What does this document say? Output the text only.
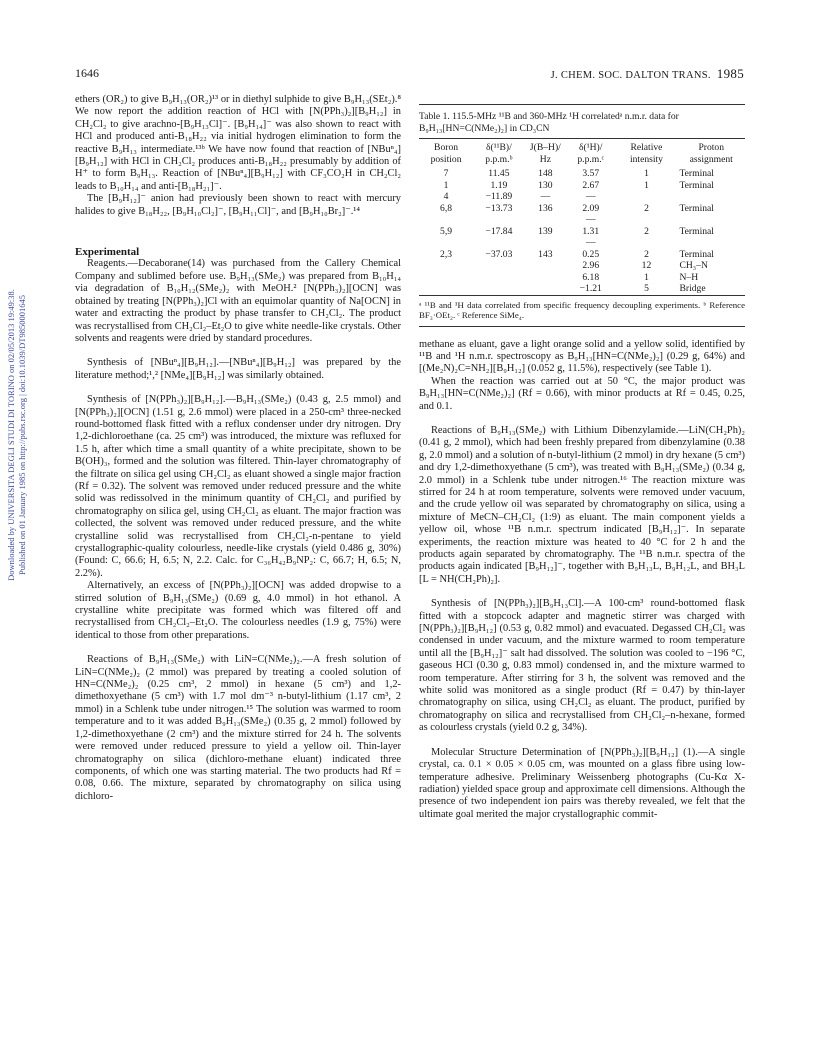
Downloaded by UNIVERSITA DEGLI STUDI DI TORINO on 02/05/2013 19:49:38. Published on 01 January 1985 on http://pubs.rsc.org | doi:10.1039/DT9850001645
1646	J. CHEM. SOC. DALTON TRANS. 1985

ethers (OR₂) to give B₉H₁₃(OR₂)¹³ or in diethyl sulphide to give B₉H₁₃(SEt₂).⁸ We now report the addition reaction of HCl with [N(PPh₃)₂][B₉H₁₂] in CH₂Cl₂ to give arachno-[B₉H₁₃Cl]⁻. [B₉H₁₄]⁻ was also shown to react with HCl and produced anti-B₁₈H₂₂ via initial hydrogen elimination to form the reactive B₉H₁₃ intermediate.¹³ᵇ We have now found that reaction of [NBuⁿ₄][B₉H₁₂] with HCl in CH₂Cl₂ produces anti-B₁₈H₂₂ presumably by addition of H⁺ to form B₉H₁₃. Reaction of [NBuⁿ₄][B₉H₁₂] with CF₃CO₂H in CH₂Cl₂ leads to B₁₀H₁₄ and anti-[B₁₈H₂₁]⁻.

The [B₉H₁₂]⁻ anion had previously been shown to react with mercury halides to give B₁₈H₂₂, [B₉H₁₀Cl₂]⁻, [B₉H₁₁Cl]⁻, and [B₉H₁₀Br₂]⁻.¹⁴

Experimental

Reagents.—Decaborane(14) was purchased from the Callery Chemical Company and sublimed before use. B₉H₁₃(SMe₂) was prepared from B₁₀H₁₄ via degradation of B₁₀H₁₂(SMe₂)₂ with MeOH.² [N(PPh₃)₂][OCN] was obtained by treating [N(PPh₃)₂]Cl with an equimolar quantity of Na[OCN] in water and extracting the product by phase transfer to CH₂Cl₂. The product was recrystallised from CH₂Cl₂–Et₂O to give white needle-like crystals. Other solvents and reagents were dried by standard procedures.

Synthesis of [NBuⁿ₄][B₉H₁₂].—[NBuⁿ₄][B₉H₁₂] was prepared by the literature method;¹,² [NMe₄][B₉H₁₂] was similarly obtained.

Synthesis of [N(PPh₃)₂][B₉H₁₂].—B₉H₁₃(SMe₂) (0.43 g, 2.5 mmol) and [N(PPh₃)₂][OCN] (1.51 g, 2.6 mmol) were placed in a 250-cm³ three-necked round-bottomed flask fitted with a reflux condenser under dry nitrogen. Dry 1,2-dichloroethane (ca. 25 cm³) was introduced, the mixture was refluxed for 1.5 h, after which time a small quantity of a white precipitate, shown to be B(OH)₃, formed and the solution was filtered. Thin-layer chromatography of the filtrate on silica gel using CH₂Cl₂ as eluant showed a single major fraction (Rf = 0.32). The solvent was removed under reduced pressure and the white solid was redissolved in the minimum quantity of CH₂Cl₂ and purified by chromatography on silica gel, using CH₂Cl₂ as eluant. The major fraction was collected, the solvent was removed under reduced pressure, and the white crystalline solid was recrystallised from CH₂Cl₂-n-pentane to yield crystallographic-quality colourless, needle-like crystals (yield 0.486 g, 30%) (Found: C, 66.6; H, 6.5; N, 2.2. Calc. for C₃₆H₄₂B₉NP₂: C, 66.7; H, 6.5; N, 2.2%).

Alternatively, an excess of [N(PPh₃)₂][OCN] was added dropwise to a stirred solution of B₉H₁₃(SMe₂) (0.69 g, 4.0 mmol) in hot ethanol. A crystalline white precipitate was formed which was filtered off and recrystallised from CH₂Cl₂–Et₂O. The colourless needles (1.9 g, 75%) were identical to those from other preparations.

Reactions of B₉H₁₃(SMe₂) with LiN=C(NMe₂)₂.—A fresh solution of LiN=C(NMe₂)₂ (2 mmol) was prepared by treating a cooled solution of HN=C(NMe₂)₂ (0.25 cm³, 2 mmol) in hexane (5 cm³) and 1,2-dimethoxyethane (5 cm³) with 1.7 mol dm⁻³ n-butyl-lithium (1.17 cm³, 2 mmol) in a Schlenk tube under nitrogen.¹⁵ The solution was warmed to room temperature and to it was added B₉H₁₃(SMe₂) (0.35 g, 2 mmol) followed by 1,2-dimethoxyethane (2 cm³) and the mixture stirred for 24 h. The solvents were removed under reduced pressure to yield a yellow oil. Thin-layer chromatography on silica (dichloro-methane eluant) indicated three components, of which one was starting material. The two products had Rf = 0.08, 0.66. The mixture, separated by chromatography on silica using dichloro-

Table 1. 115.5-MHz ¹¹B and 360-MHz ¹H correlatedᵃ n.m.r. data for B₉H₁₃[HN=C(NMe₂)₂] in CD₃CN
Boron position	δ(¹¹B)/ p.p.m.ᵇ	J(B–H)/ Hz	δ(¹H)/ p.p.m.ᶜ	Relative intensity	Proton assignment
7	11.45	148	3.57	1	Terminal
1	1.19	130	2.67	1	Terminal
4	−11.89	—	—		
6,8	−13.73	136	2.09	2	Terminal
			—		
5,9	−17.84	139	1.31	2	Terminal
			—		
2,3	−37.03	143	0.25	2	Terminal
			2.96	12	CH₃–N
			6.18	1	N–H
			−1.21	5	Bridge
ᵃ ¹¹B and ¹H data correlated from specific frequency decoupling experiments. ᵇ Reference BF₃·OEt₂. ᶜ Reference SiMe₄.

methane as eluant, gave a light orange solid and a yellow solid, identified by ¹¹B and ¹H n.m.r. spectroscopy as B₉H₁₃[HN=C(NMe₂)₂] (0.29 g, 64%) and [(Me₂N)₂C=NH₂][B₉H₁₂] (0.052 g, 11.5%), respectively (see Table 1).

When the reaction was carried out at 50 °C, the major product was B₉H₁₃[HN=C(NMe₂)₂] (Rf = 0.66), with minor products at Rf = 0.45, 0.25, and 0.1.

Reactions of B₉H₁₃(SMe₂) with Lithium Dibenzylamide.—LiN(CH₂Ph)₂ (0.41 g, 2 mmol), which had been freshly prepared from dibenzylamine (0.38 g, 2.0 mmol) and a solution of n-butyl-lithium (2 mmol) in dry hexane (5 cm³) and dry 1,2-dimethoxyethane (5 cm³), was treated with B₉H₁₃(SMe₂) (0.34 g, 2.0 mmol) in a Schlenk tube under nitrogen.¹⁶ The reaction mixture was stirred for 24 h at room temperature, solvents were removed under vacuum, and the crude yellow oil was separated by chromatography on silica, using a mixture of MeCN–CH₂Cl₂ (1:9) as eluant. The main component yields a yellow oil, whose ¹¹B n.m.r. spectrum indicated [B₉H₁₂]⁻. In separate experiments, the reaction mixture was heated to 40 °C for 2 h and the products again separated by chromatography. The ¹¹B n.m.r. spectra of the products again indicated [B₉H₁₂]⁻, together with B₉H₁₃L, B₉H₁₂L, and BH₃L [L = NH(CH₂Ph)₂].

Synthesis of [N(PPh₃)₂][B₉H₁₃Cl].—A 100-cm³ round-bottomed flask fitted with a stopcock adapter and magnetic stirrer was charged with [N(PPh₃)₂][B₉H₁₂] (0.53 g, 0.82 mmol) and evacuated. Degassed CH₂Cl₂ was condensed in under vacuum, and the mixture warmed to room temperature until all the [B₉H₁₂]⁻ salt had dissolved. The solution was cooled to −196 °C, gaseous HCl (0.30 g, 0.83 mmol) condensed in, and the mixture warmed to room temperature. After stirring for 3 h, the solvent was removed and the white solid was monitored as a single product (Rf = 0.47) by thin-layer chromatography on silica, using CH₂Cl₂ as eluant. The product, purified by chromatography on silica and recrystallised from CH₂Cl₂–n-hexane, formed as colourless crystals (yield 0.2 g, 34%).

Molecular Structure Determination of [N(PPh₃)₂][B₉H₁₂] (1).—A single crystal, ca. 0.1 × 0.05 × 0.05 cm, was mounted on a glass fibre using low-temperature adhesive. Preliminary Weissenberg photographs (Cu-Kα X-radiation) yielded space group and approximate cell dimensions. Although the presence of two independent ion pairs was thereby revealed, we felt that the ultimate goal merited the major crystallographic commit-
